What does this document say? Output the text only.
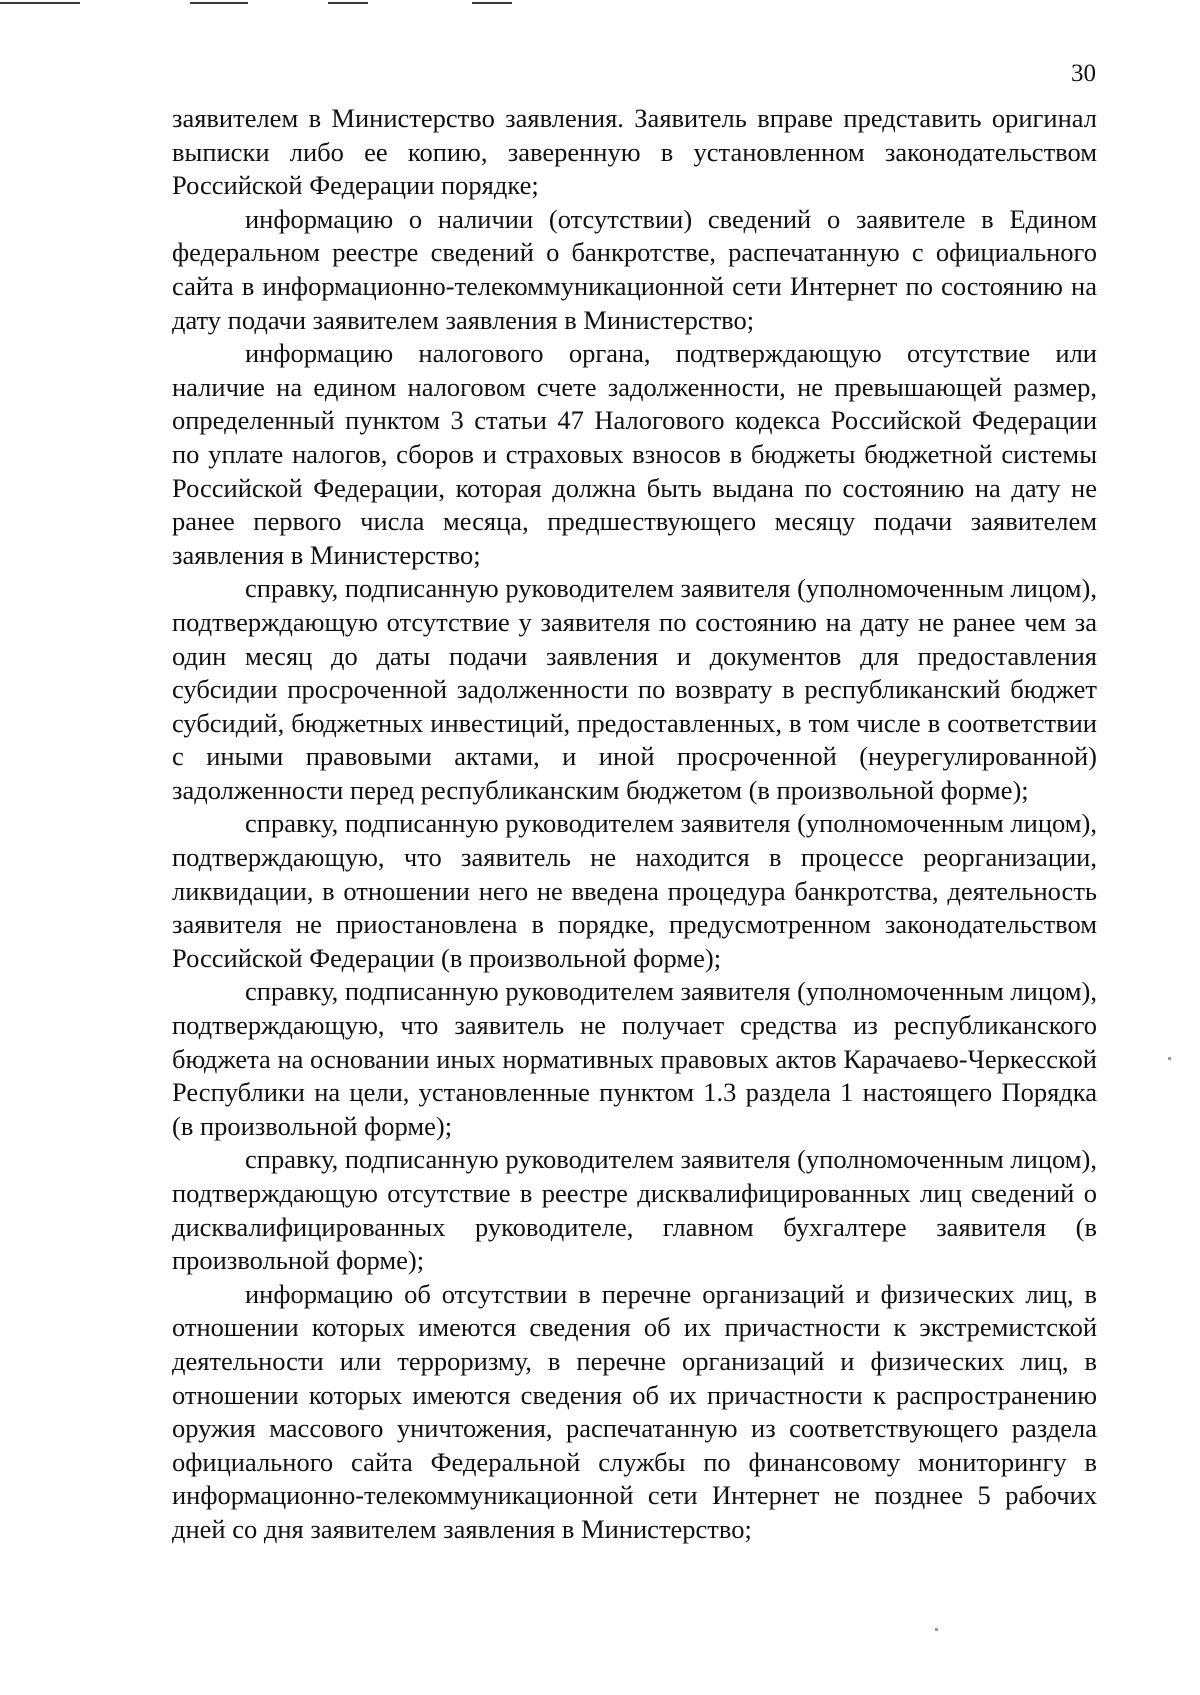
30

заявителем в Министерство заявления. Заявитель вправе представить оригинал выписки либо ее копию, заверенную в установленном законодательством Российской Федерации порядке;

информацию о наличии (отсутствии) сведений о заявителе в Едином федеральном реестре сведений о банкротстве, распечатанную с официального сайта в информационно-телекоммуникационной сети Интернет по состоянию на дату подачи заявителем заявления в Министерство;

информацию налогового органа, подтверждающую отсутствие или наличие на едином налоговом счете задолженности, не превышающей размер, определенный пунктом 3 статьи 47 Налогового кодекса Российской Федерации по уплате налогов, сборов и страховых взносов в бюджеты бюджетной системы Российской Федерации, которая должна быть выдана по состоянию на дату не ранее первого числа месяца, предшествующего месяцу подачи заявителем заявления в Министерство;

справку, подписанную руководителем заявителя (уполномоченным лицом), подтверждающую отсутствие у заявителя по состоянию на дату не ранее чем за один месяц до даты подачи заявления и документов для предоставления субсидии просроченной задолженности по возврату в республиканский бюджет субсидий, бюджетных инвестиций, предоставленных, в том числе в соответствии с иными правовыми актами, и иной просроченной (неурегулированной) задолженности перед республиканским бюджетом (в произвольной форме);

справку, подписанную руководителем заявителя (уполномоченным лицом), подтверждающую, что заявитель не находится в процессе реорганизации, ликвидации, в отношении него не введена процедура банкротства, деятельность заявителя не приостановлена в порядке, предусмотренном законодательством Российской Федерации (в произвольной форме);

справку, подписанную руководителем заявителя (уполномоченным лицом), подтверждающую, что заявитель не получает средства из республиканского бюджета на основании иных нормативных правовых актов Карачаево-Черкесской Республики на цели, установленные пунктом 1.3 раздела 1 настоящего Порядка (в произвольной форме);

справку, подписанную руководителем заявителя (уполномоченным лицом), подтверждающую отсутствие в реестре дисквалифицированных лиц сведений о дисквалифицированных руководителе, главном бухгалтере заявителя (в произвольной форме);

информацию об отсутствии в перечне организаций и физических лиц, в отношении которых имеются сведения об их причастности к экстремистской деятельности или терроризму, в перечне организаций и физических лиц, в отношении которых имеются сведения об их причастности к распространению оружия массового уничтожения, распечатанную из соответствующего раздела официального сайта Федеральной службы по финансовому мониторингу в информационно-телекоммуникационной сети Интернет не позднее 5 рабочих дней со дня заявителем заявления в Министерство;
